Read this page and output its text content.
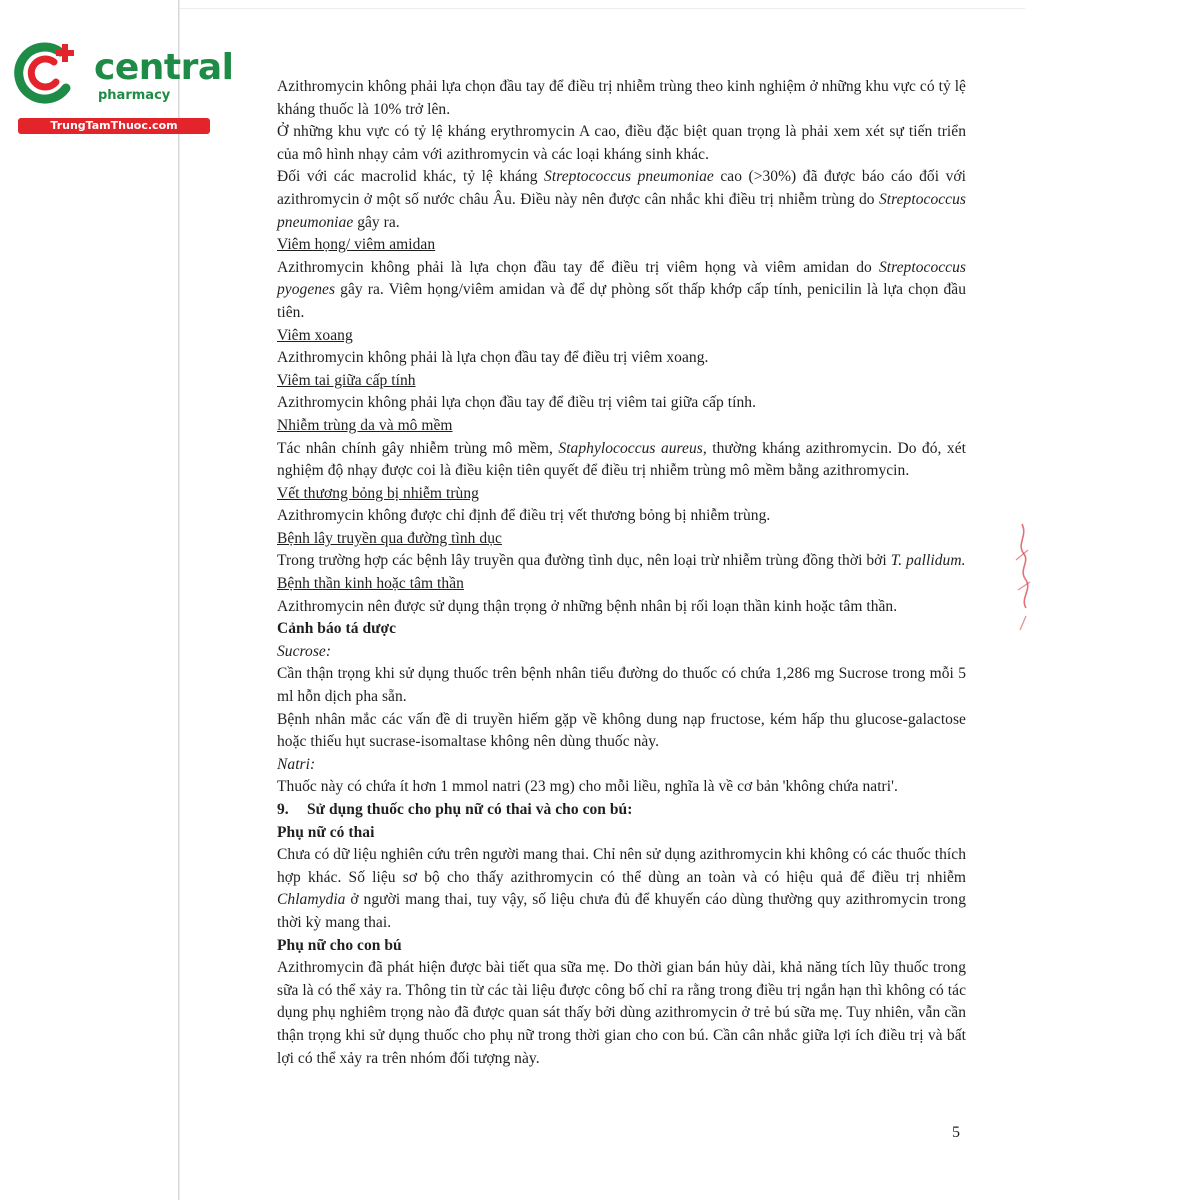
central
pharmacy
TrungTamThuoc.com

Azithromycin không phải lựa chọn đầu tay để điều trị nhiễm trùng theo kinh nghiệm ở những khu vực có tỷ lệ kháng thuốc là 10% trở lên.

Ở những khu vực có tỷ lệ kháng erythromycin A cao, điều đặc biệt quan trọng là phải xem xét sự tiến triển của mô hình nhạy cảm với azithromycin và các loại kháng sinh khác.

Đối với các macrolid khác, tỷ lệ kháng Streptococcus pneumoniae cao (>30%) đã được báo cáo đối với azithromycin ở một số nước châu Âu. Điều này nên được cân nhắc khi điều trị nhiễm trùng do Streptococcus pneumoniae gây ra.

Viêm họng/ viêm amidan

Azithromycin không phải là lựa chọn đầu tay để điều trị viêm họng và viêm amidan do Streptococcus pyogenes gây ra. Viêm họng/viêm amidan và để dự phòng sốt thấp khớp cấp tính, penicilin là lựa chọn đầu tiên.

Viêm xoang

Azithromycin không phải là lựa chọn đầu tay để điều trị viêm xoang.

Viêm tai giữa cấp tính

Azithromycin không phải lựa chọn đầu tay để điều trị viêm tai giữa cấp tính.

Nhiễm trùng da và mô mềm

Tác nhân chính gây nhiễm trùng mô mềm, Staphylococcus aureus, thường kháng azithromycin. Do đó, xét nghiệm độ nhạy được coi là điều kiện tiên quyết để điều trị nhiễm trùng mô mềm bằng azithromycin.

Vết thương bỏng bị nhiễm trùng

Azithromycin không được chỉ định để điều trị vết thương bỏng bị nhiễm trùng.

Bệnh lây truyền qua đường tình dục

Trong trường hợp các bệnh lây truyền qua đường tình dục, nên loại trừ nhiễm trùng đồng thời bởi T. pallidum.

Bệnh thần kinh hoặc tâm thần

Azithromycin nên được sử dụng thận trọng ở những bệnh nhân bị rối loạn thần kinh hoặc tâm thần.

Cảnh báo tá dược

Sucrose:

Cần thận trọng khi sử dụng thuốc trên bệnh nhân tiểu đường do thuốc có chứa 1,286 mg Sucrose trong mỗi 5 ml hỗn dịch pha sẵn.

Bệnh nhân mắc các vấn đề di truyền hiếm gặp về không dung nạp fructose, kém hấp thu glucose-galactose hoặc thiếu hụt sucrase-isomaltase không nên dùng thuốc này.

Natri:

Thuốc này có chứa ít hơn 1 mmol natri (23 mg) cho mỗi liều, nghĩa là về cơ bản 'không chứa natri'.

9. Sử dụng thuốc cho phụ nữ có thai và cho con bú:

Phụ nữ có thai

Chưa có dữ liệu nghiên cứu trên người mang thai. Chỉ nên sử dụng azithromycin khi không có các thuốc thích hợp khác. Số liệu sơ bộ cho thấy azithromycin có thể dùng an toàn và có hiệu quả để điều trị nhiễm Chlamydia ở người mang thai, tuy vậy, số liệu chưa đủ để khuyến cáo dùng thường quy azithromycin trong thời kỳ mang thai.

Phụ nữ cho con bú

Azithromycin đã phát hiện được bài tiết qua sữa mẹ. Do thời gian bán hủy dài, khả năng tích lũy thuốc trong sữa là có thể xảy ra. Thông tin từ các tài liệu được công bố chỉ ra rằng trong điều trị ngắn hạn thì không có tác dụng phụ nghiêm trọng nào đã được quan sát thấy bởi dùng azithromycin ở trẻ bú sữa mẹ. Tuy nhiên, vẫn cần thận trọng khi sử dụng thuốc cho phụ nữ trong thời gian cho con bú. Cần cân nhắc giữa lợi ích điều trị và bất lợi có thể xảy ra trên nhóm đối tượng này.

5
